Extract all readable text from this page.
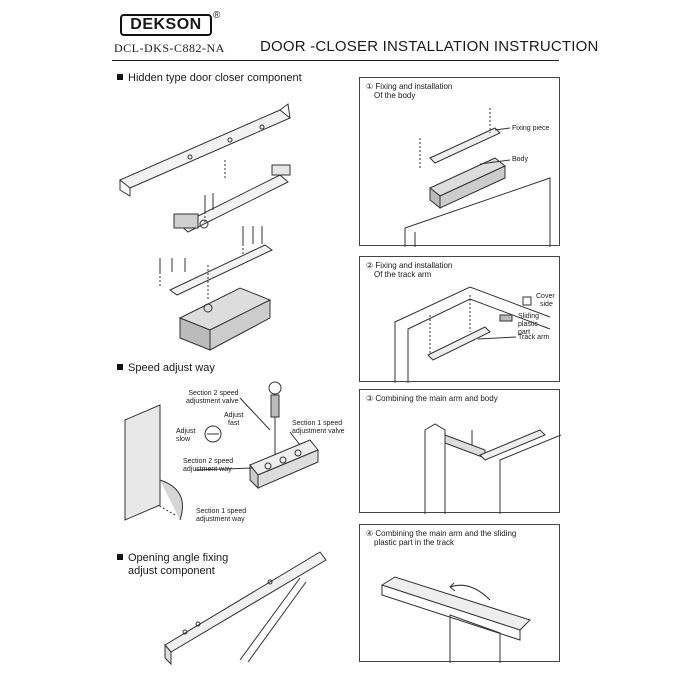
DEKSON
®
DCL-DKS-C882-NA DOOR -CLOSER INSTALLATION INSTRUCTION
Hidden type door closer component
Speed adjust way
Opening angle fixing
adjust component
Section 2 speed
adjustment valve
Adjust
fast
Adjust
slow
Section 1 speed
adjustment valve
Section 2 speed
adjustment way
Section 1 speed
adjustment way
① Fixing and installation
Of the body
Fixing piece
Body
② Fixing and installation
Of the track arm
Cover
side
Sliding plastic
part
Track arm
③ Combining the main arm and body
④ Combining the main arm and the sliding
plastic part in the track
